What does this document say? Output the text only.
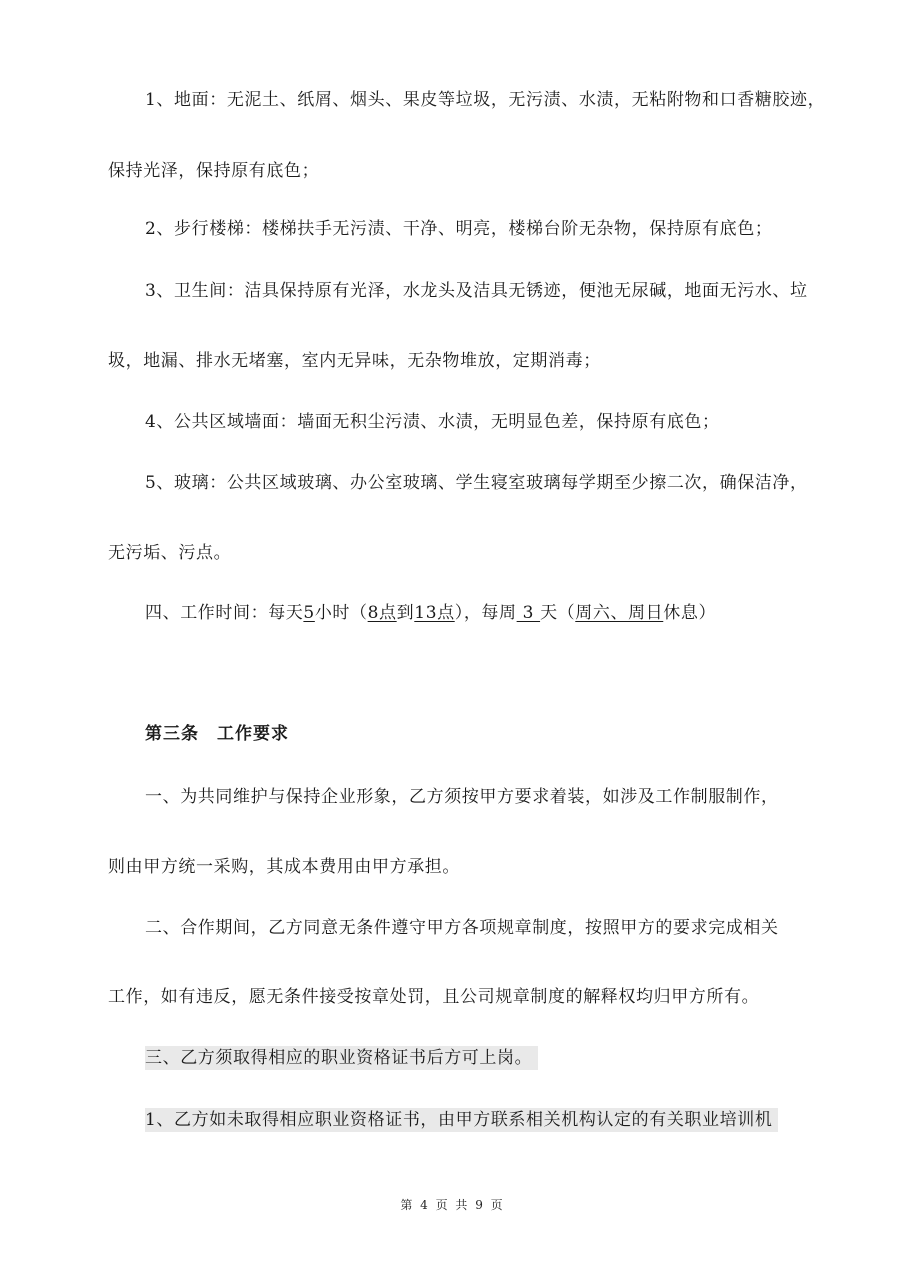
1、地面：无泥土、纸屑、烟头、果皮等垃圾，无污渍、水渍，无粘附物和口香糖胶迹，
保持光泽，保持原有底色；
2、步行楼梯：楼梯扶手无污渍、干净、明亮，楼梯台阶无杂物，保持原有底色；
3、卫生间：洁具保持原有光泽，水龙头及洁具无锈迹，便池无尿碱，地面无污水、垃
圾，地漏、排水无堵塞，室内无异味，无杂物堆放，定期消毒；
4、公共区域墙面：墙面无积尘污渍、水渍，无明显色差，保持原有底色；
5、玻璃：公共区域玻璃、办公室玻璃、学生寝室玻璃每学期至少擦二次，确保洁净，
无污垢、污点。
四、工作时间：每天5小时（8点到13点），每周 3 天（周六、周日休息）
第三条　工作要求
一、为共同维护与保持企业形象，乙方须按甲方要求着装，如涉及工作制服制作，
则由甲方统一采购，其成本费用由甲方承担。
二、合作期间，乙方同意无条件遵守甲方各项规章制度，按照甲方的要求完成相关
工作，如有违反，愿无条件接受按章处罚，且公司规章制度的解释权均归甲方所有。
三、乙方须取得相应的职业资格证书后方可上岗。
1、乙方如未取得相应职业资格证书，由甲方联系相关机构认定的有关职业培训机
第 4 页 共 9 页
